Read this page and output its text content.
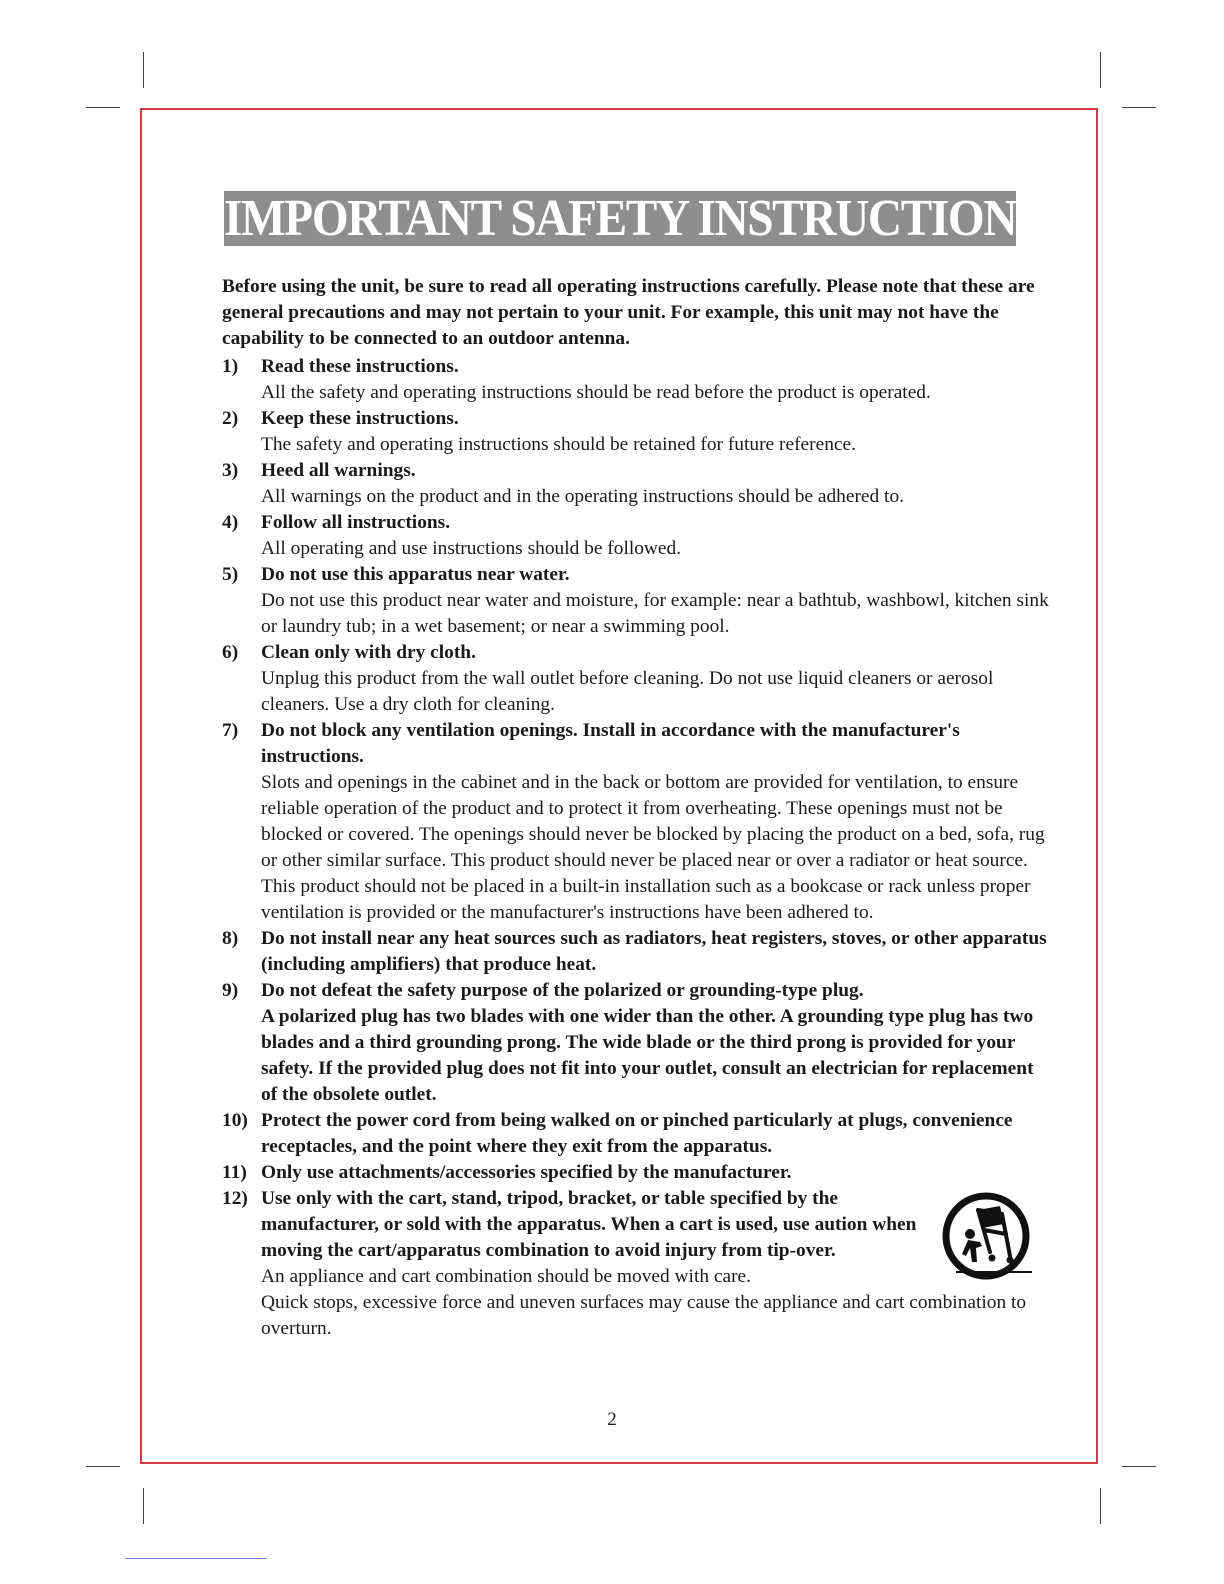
IMPORTANT SAFETY INSTRUCTION

Before using the unit, be sure to read all operating instructions carefully. Please note that these are general precautions and may not pertain to your unit. For example, this unit may not have the capability to be connected to an outdoor antenna.

1)	Read these instructions.
All the safety and operating instructions should be read before the product is operated.
2)	Keep these instructions.
The safety and operating instructions should be retained for future reference.
3)	Heed all warnings.
All warnings on the product and in the operating instructions should be adhered to.
4)	Follow all instructions.
All operating and use instructions should be followed.
5)	Do not use this apparatus near water.
Do not use this product near water and moisture, for example: near a bathtub, washbowl, kitchen sink or laundry tub; in a wet basement; or near a swimming pool.
6)	Clean only with dry cloth.
Unplug this product from the wall outlet before cleaning. Do not use liquid cleaners or aerosol cleaners. Use a dry cloth for cleaning.
7)	Do not block any ventilation openings. Install in accordance with the manufacturer's instructions.
Slots and openings in the cabinet and in the back or bottom are provided for ventilation, to ensure reliable operation of the product and to protect it from overheating. These openings must not be blocked or covered. The openings should never be blocked by placing the product on a bed, sofa, rug or other similar surface. This product should never be placed near or over a radiator or heat source. This product should not be placed in a built-in installation such as a bookcase or rack unless proper ventilation is provided or the manufacturer's instructions have been adhered to.
8)	Do not install near any heat sources such as radiators, heat registers, stoves, or other apparatus (including amplifiers) that produce heat.
9)	Do not defeat the safety purpose of the polarized or grounding-type plug.
A polarized plug has two blades with one wider than the other. A grounding type plug has two blades and a third grounding prong. The wide blade or the third prong is provided for your safety. If the provided plug does not fit into your outlet, consult an electrician for replacement of the obsolete outlet.
10) Protect the power cord from being walked on or pinched particularly at plugs, convenience receptacles, and the point where they exit from the apparatus.
11) Only use attachments/accessories specified by the manufacturer.
12) Use only with the cart, stand, tripod, bracket, or table specified by the manufacturer, or sold with the apparatus. When a cart is used, use aution when moving the cart/apparatus combination to avoid injury from tip-over.
An appliance and cart combination should be moved with care.
Quick stops, excessive force and uneven surfaces may cause the appliance and cart combination to overturn.
2
